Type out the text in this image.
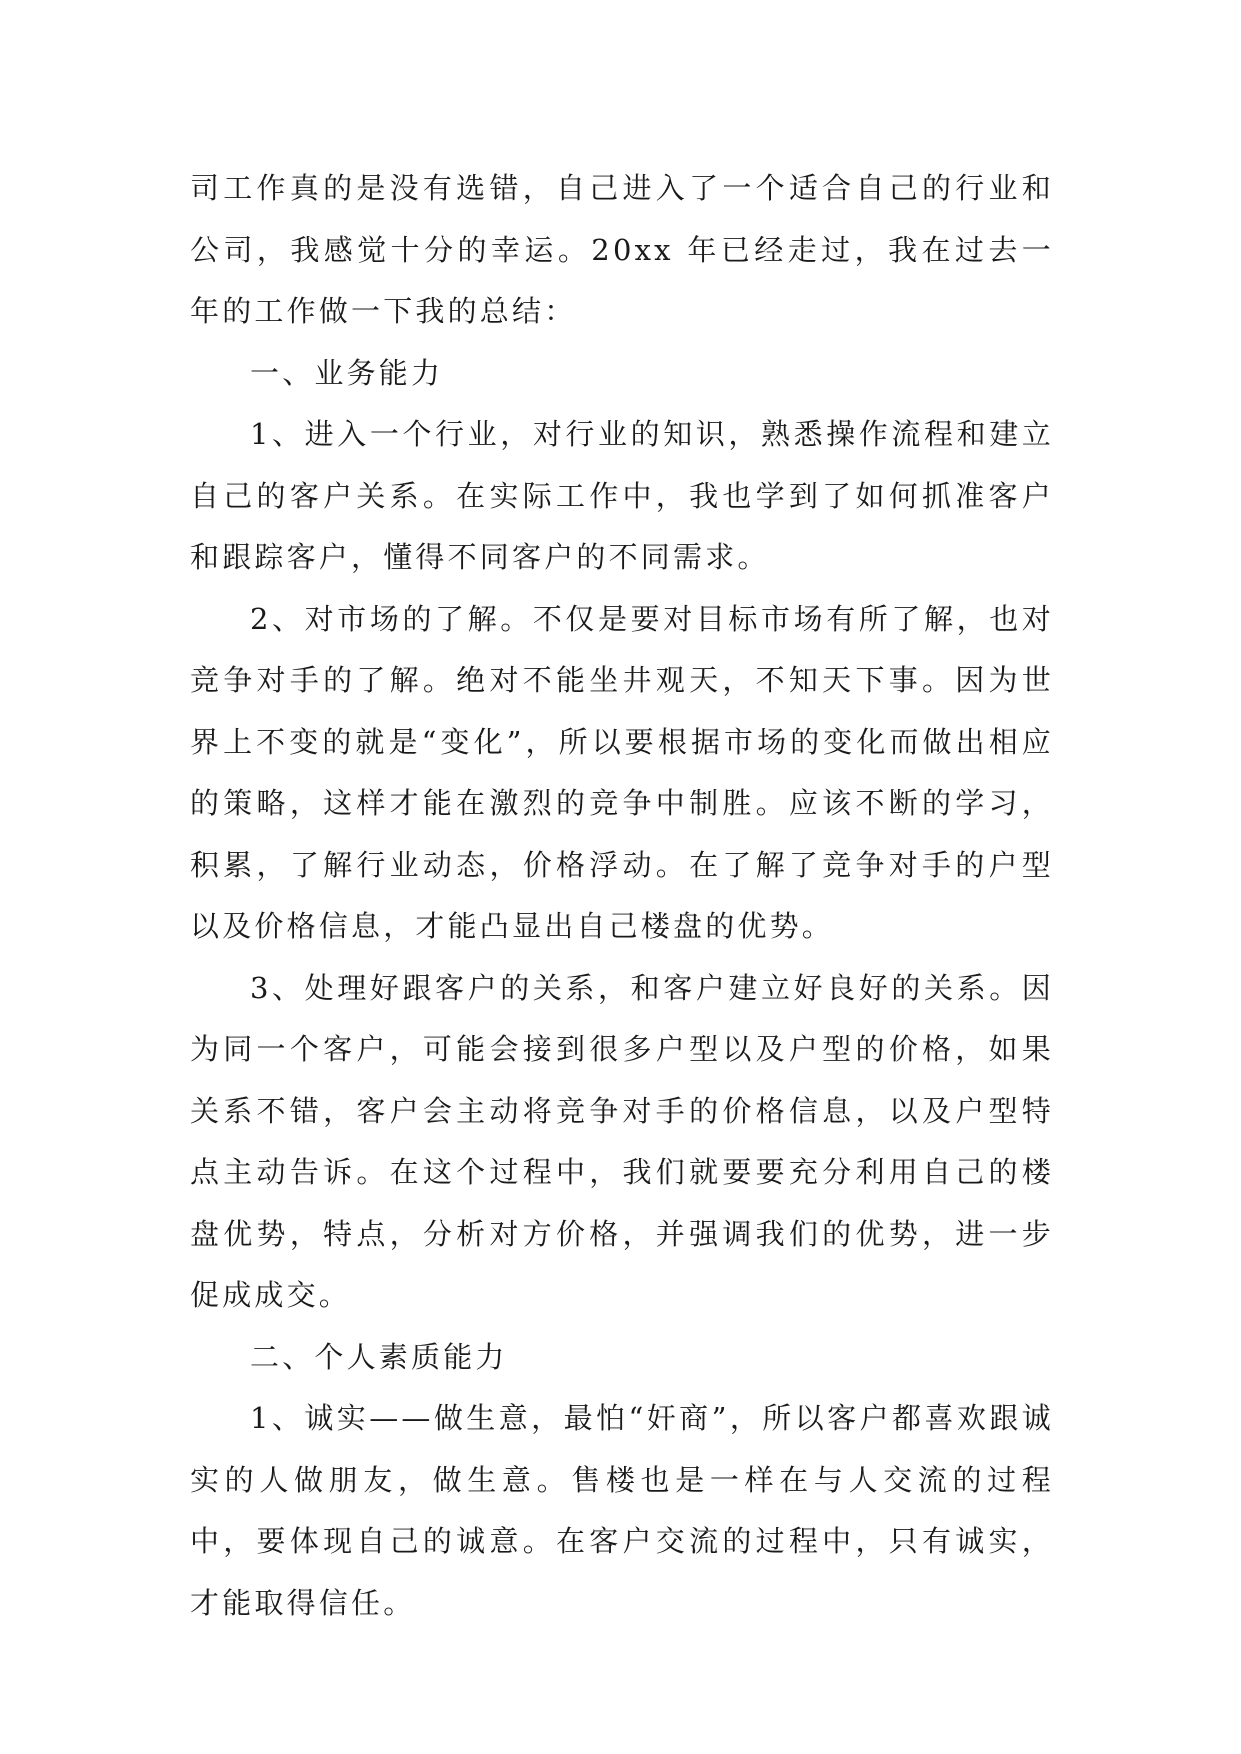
司工作真的是没有选错，自己进入了一个适合自己的行业和公司，我感觉十分的幸运。20xx 年已经走过，我在过去一年的工作做一下我的总结：

一、业务能力

1、进入一个行业，对行业的知识，熟悉操作流程和建立自己的客户关系。在实际工作中，我也学到了如何抓准客户和跟踪客户，懂得不同客户的不同需求。

2、对市场的了解。不仅是要对目标市场有所了解，也对竞争对手的了解。绝对不能坐井观天，不知天下事。因为世界上不变的就是“变化”，所以要根据市场的变化而做出相应的策略，这样才能在激烈的竞争中制胜。应该不断的学习，积累，了解行业动态，价格浮动。在了解了竞争对手的户型以及价格信息，才能凸显出自己楼盘的优势。

3、处理好跟客户的关系，和客户建立好良好的关系。因为同一个客户，可能会接到很多户型以及户型的价格，如果关系不错，客户会主动将竞争对手的价格信息，以及户型特点主动告诉。在这个过程中，我们就要要充分利用自己的楼盘优势，特点，分析对方价格，并强调我们的优势，进一步促成成交。

二、个人素质能力

1、诚实——做生意，最怕“奸商”，所以客户都喜欢跟诚实的人做朋友，做生意。售楼也是一样在与人交流的过程中，要体现自己的诚意。在客户交流的过程中，只有诚实，才能取得信任。
